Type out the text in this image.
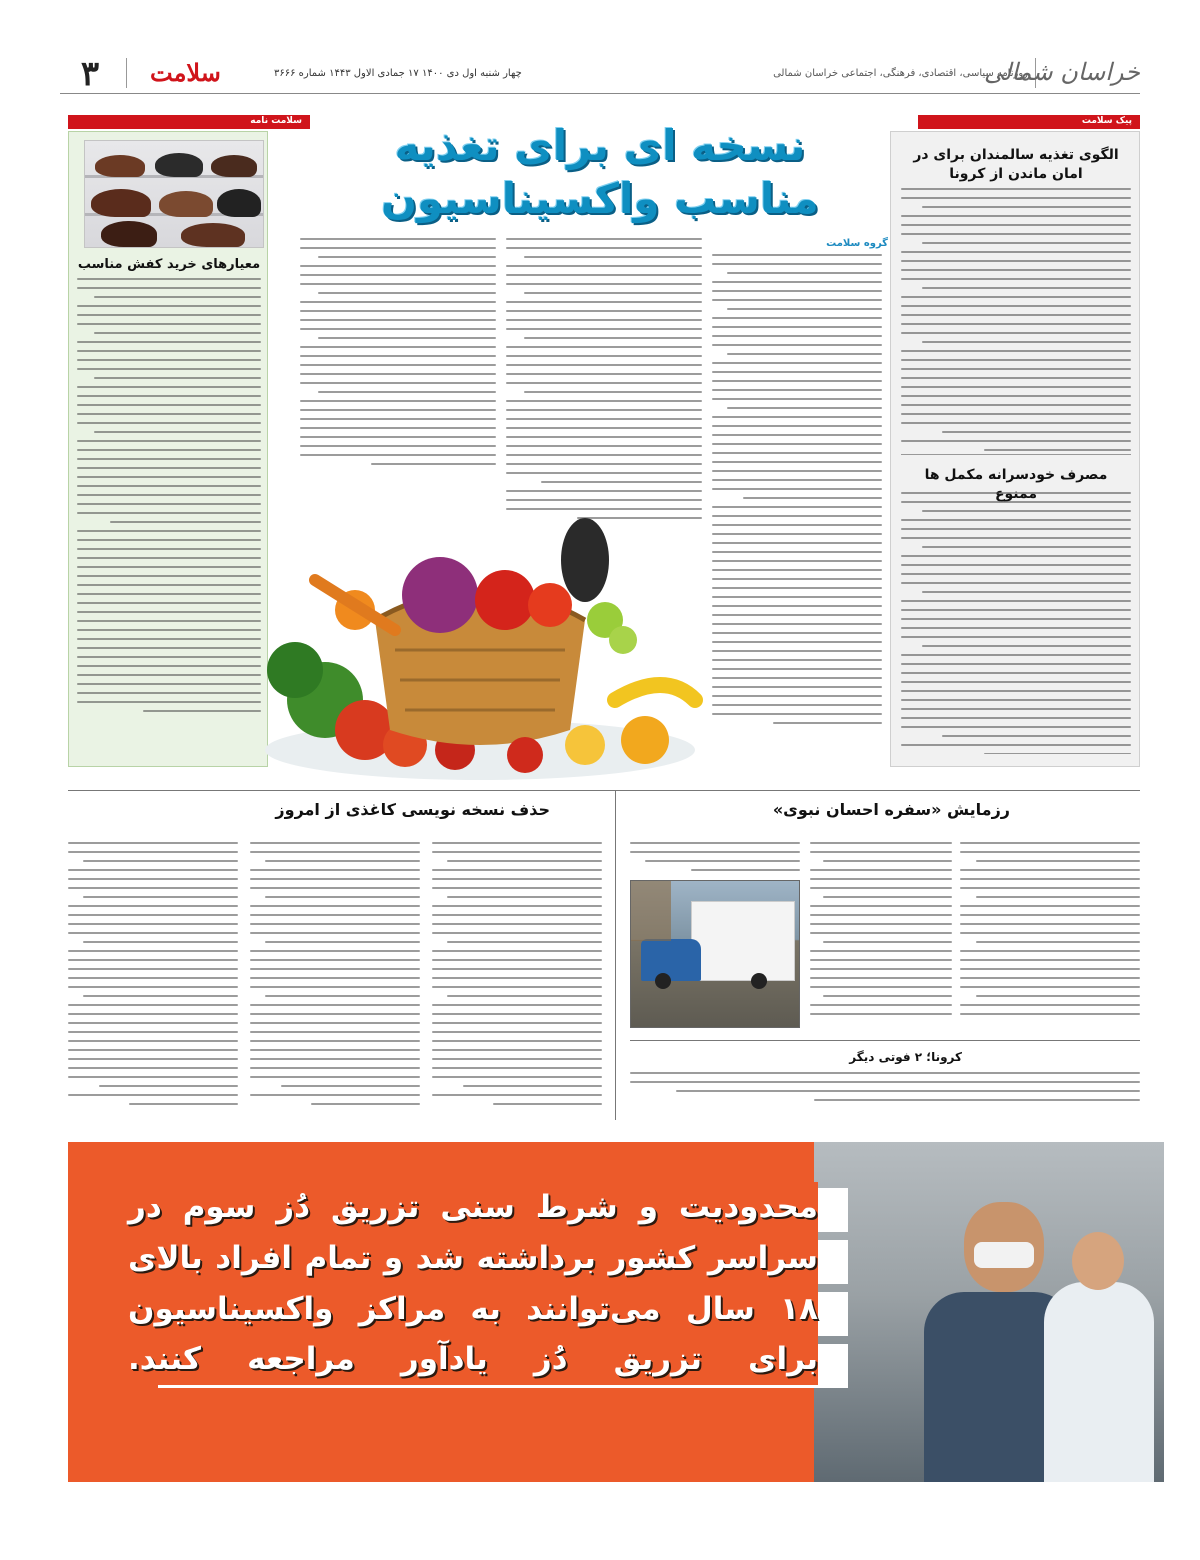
۳	سلامت	چهار شنبه اول دی ۱۴۰۰ ۱۷ جمادی الاول ۱۴۴۳ شماره ۳۶۶۶	روزنامه سیاسی، اقتصادی، فرهنگی، اجتماعی خراسان شمالی
خراسان شمالی
پیک سلامت
الگوی تغذیه سالمندان برای در امان ماندن از کرونا
مصرف خودسرانه مکمل ها
سلامت نامه
معیارهای خرید کفش مناسب
نسخه ای برای تغذیه مناسب واکسیناسیون
گروه سلامت
رزمایش «سفره احسان نبوی»
حذف نسخه نویسی کاغذی از امروز
کرونا؛ ۲ فوتی دیگر
محدودیت و شرط سنی تزریق دُز سوم در سراسر کشور برداشته شد و تمام افراد بالای ۱۸ سال می‌توانند به مراکز واکسیناسیون برای تزریق دُز یادآور مراجعه کنند.
